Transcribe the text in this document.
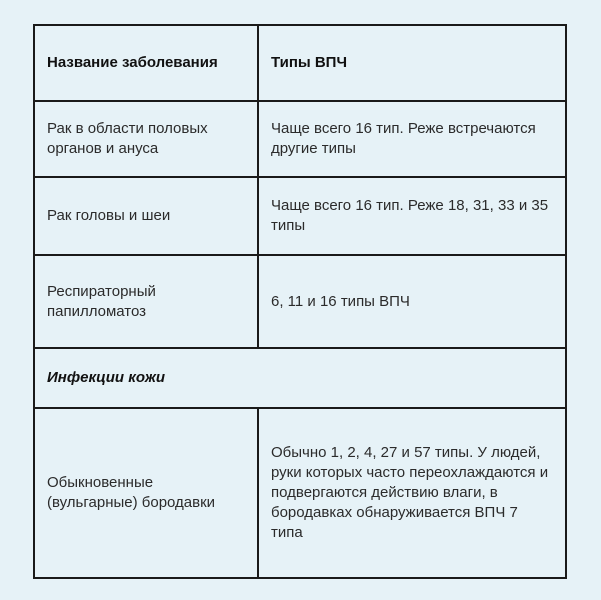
Название заболевания	Типы ВПЧ
Рак в области половых органов и ануса
Чаще всего 16 тип. Реже встречаются другие типы
Рак головы и шеи
Чаще всего 16 тип. Реже 18, 31, 33 и 35 типы
Респираторный папилломатоз
6, 11 и 16 типы ВПЧ
Инфекции кожи
Обыкновенные (вульгарные) бородавки
Обычно 1, 2, 4, 27 и 57 типы. У людей, руки которых часто переохлаждаются и подвергаются действию влаги, в бородавках обнаруживается ВПЧ 7 типа
